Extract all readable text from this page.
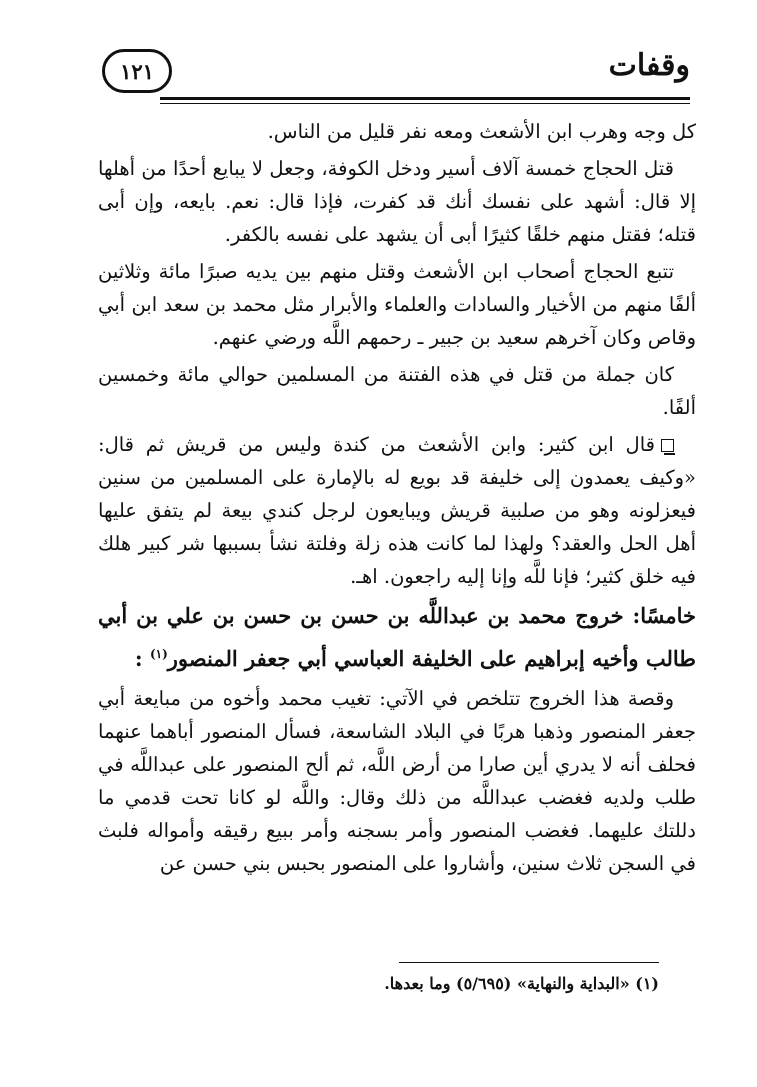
وقفات
١٢١

كل وجه وهرب ابن الأشعث ومعه نفر قليل من الناس.

قتل الحجاج خمسة آلاف أسير ودخل الكوفة، وجعل لا يبايع أحدًا من أهلها إلا قال: أشهد على نفسك أنك قد كفرت، فإذا قال: نعم. بايعه، وإن أبى قتله؛ فقتل منهم خلقًا كثيرًا أبى أن يشهد على نفسه بالكفر.

تتبع الحجاج أصحاب ابن الأشعث وقتل منهم بين يديه صبرًا مائة وثلاثين ألفًا منهم من الأخيار والسادات والعلماء والأبرار مثل محمد بن سعد ابن أبي وقاص وكان آخرهم سعيد بن جبير ـ رحمهم اللَّه ورضي عنهم.

كان جملة من قتل في هذه الفتنة من المسلمين حوالي مائة وخمسين ألفًا.

قال ابن كثير: وابن الأشعث من كندة وليس من قريش ثم قال: «وكيف يعمدون إلى خليفة قد بويع له بالإمارة على المسلمين من سنين فيعزلونه وهو من صلبية قريش ويبايعون لرجل كندي بيعة لم يتفق عليها أهل الحل والعقد؟ ولهذا لما كانت هذه زلة وفلتة نشأ بسببها شر كبير هلك فيه خلق كثير؛ فإنا للَّه وإنا إليه راجعون. اهـ.

خامسًا: خروج محمد بن عبداللَّه بن حسن بن حسن بن علي بن أبي طالب وأخيه إبراهيم على الخليفة العباسي أبي جعفر المنصور$^{(١)}$ :

وقصة هذا الخروج تتلخص في الآتي: تغيب محمد وأخوه من مبايعة أبي جعفر المنصور وذهبا هربًا في البلاد الشاسعة، فسأل المنصور أباهما عنهما فحلف أنه لا يدري أين صارا من أرض اللَّه، ثم ألح المنصور على عبداللَّه في طلب ولديه فغضب عبداللَّه من ذلك وقال: واللَّه لو كانا تحت قدمي ما دللتك عليهما. فغضب المنصور وأمر بسجنه وأمر ببيع رقيقه وأمواله فلبث في السجن ثلاث سنين، وأشاروا على المنصور بحبس بني حسن عن

(١) «البداية والنهاية» (٥/٦٩٥) وما بعدها.
